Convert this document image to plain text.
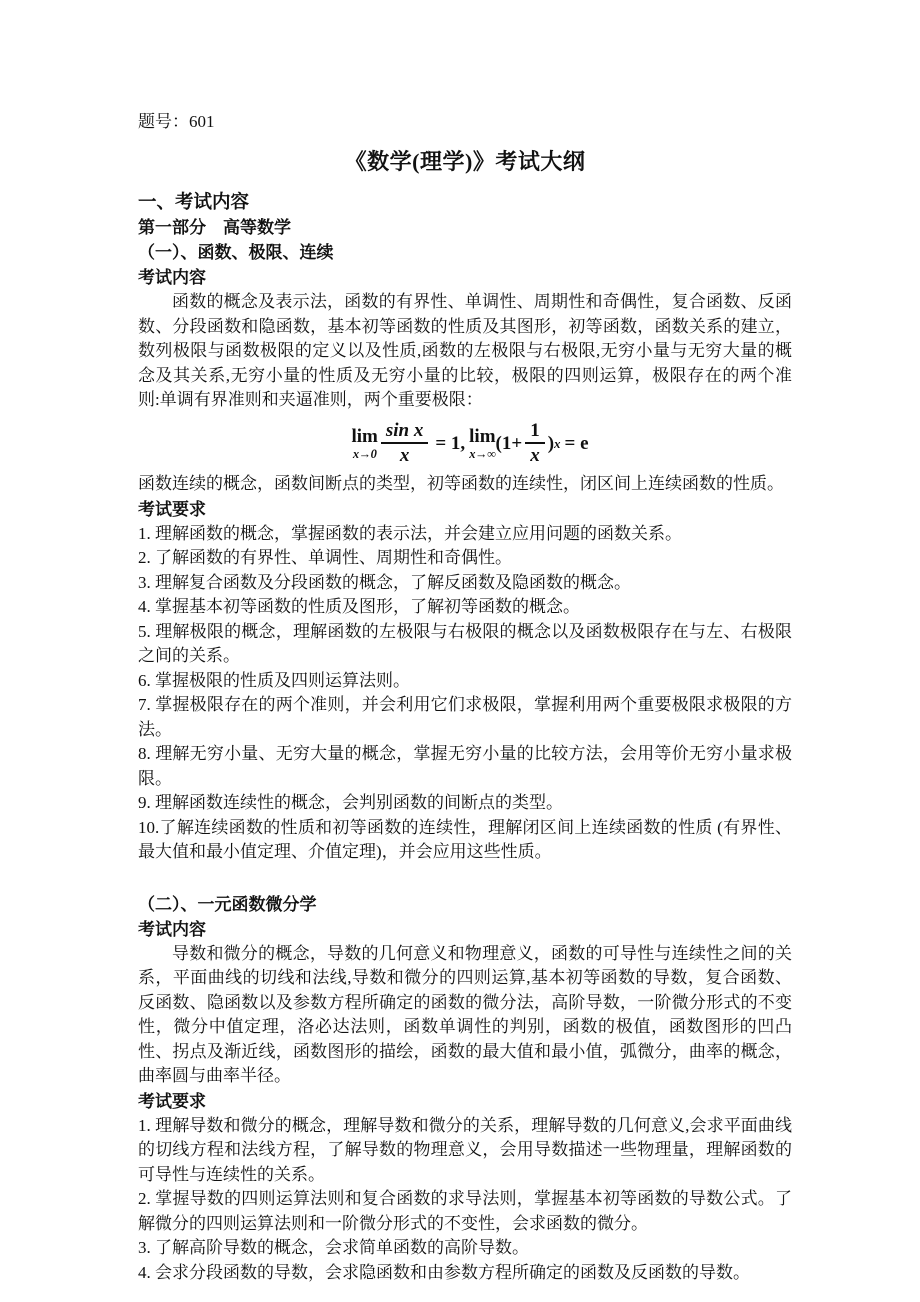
题号：601
《数学(理学)》考试大纲
一、考试内容
第一部分　高等数学
（一）、函数、极限、连续
考试内容
函数的概念及表示法，函数的有界性、单调性、周期性和奇偶性，复合函数、反函数、分段函数和隐函数，基本初等函数的性质及其图形，初等函数，函数关系的建立，数列极限与函数极限的定义以及性质,函数的左极限与右极限,无穷小量与无穷大量的概念及其关系,无穷小量的性质及无穷小量的比较，极限的四则运算，极限存在的两个准则:单调有界准则和夹逼准则，两个重要极限：
lim
$x\to 0 \frac{\text{sin x}}{x} = 1$, lim
x→∞ ($1+ \frac{1}{x}$ ) x = e
函数连续的概念，函数间断点的类型，初等函数的连续性，闭区间上连续函数的性质。
考试要求
1. 理解函数的概念，掌握函数的表示法，并会建立应用问题的函数关系。
2. 了解函数的有界性、单调性、周期性和奇偶性。
3. 理解复合函数及分段函数的概念，了解反函数及隐函数的概念。
4. 掌握基本初等函数的性质及图形，了解初等函数的概念。
5. 理解极限的概念，理解函数的左极限与右极限的概念以及函数极限存在与左、右极限之间的关系。
6. 掌握极限的性质及四则运算法则。
7. 掌握极限存在的两个准则，并会利用它们求极限，掌握利用两个重要极限求极限的方法。
8. 理解无穷小量、无穷大量的概念，掌握无穷小量的比较方法，会用等价无穷小量求极限。
9. 理解函数连续性的概念，会判别函数的间断点的类型。
10.了解连续函数的性质和初等函数的连续性，理解闭区间上连续函数的性质 (有界性、最大值和最小值定理、介值定理)，并会应用这些性质。
（二）、一元函数微分学
考试内容
导数和微分的概念，导数的几何意义和物理意义，函数的可导性与连续性之间的关系，平面曲线的切线和法线,导数和微分的四则运算,基本初等函数的导数，复合函数、反函数、隐函数以及参数方程所确定的函数的微分法，高阶导数，一阶微分形式的不变性，微分中值定理，洛必达法则，函数单调性的判别，函数的极值，函数图形的凹凸性、拐点及渐近线，函数图形的描绘，函数的最大值和最小值，弧微分，曲率的概念，曲率圆与曲率半径。
考试要求
1. 理解导数和微分的概念，理解导数和微分的关系，理解导数的几何意义,会求平面曲线的切线方程和法线方程，了解导数的物理意义，会用导数描述一些物理量，理解函数的可导性与连续性的关系。
2. 掌握导数的四则运算法则和复合函数的求导法则，掌握基本初等函数的导数公式。了解微分的四则运算法则和一阶微分形式的不变性，会求函数的微分。
3. 了解高阶导数的概念，会求简单函数的高阶导数。
4. 会求分段函数的导数，会求隐函数和由参数方程所确定的函数及反函数的导数。
